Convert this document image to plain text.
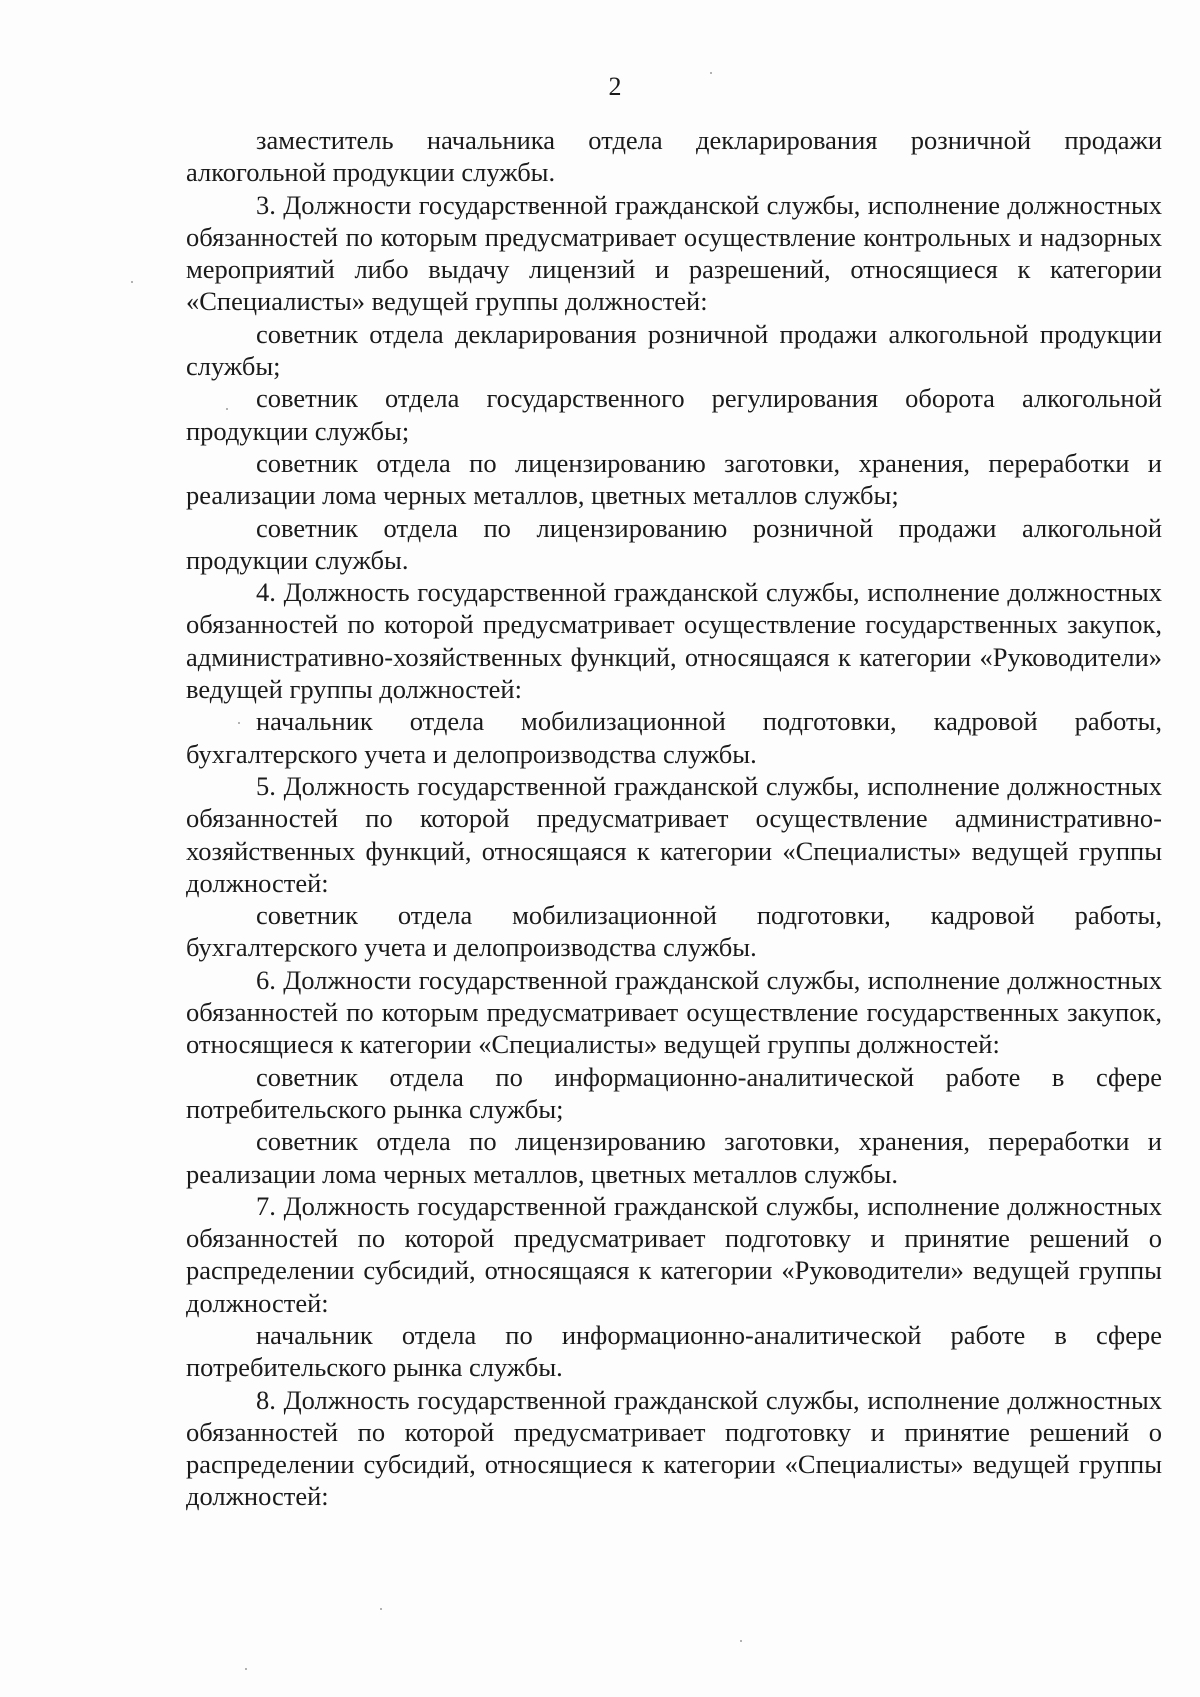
2

заместитель начальника отдела декларирования розничной продажи алкогольной продукции службы.

3. Должности государственной гражданской службы, исполнение должностных обязанностей по которым предусматривает осуществление контрольных и надзорных мероприятий либо выдачу лицензий и разрешений, относящиеся к категории «Специалисты» ведущей группы должностей:

советник отдела декларирования розничной продажи алкогольной продукции службы;

советник отдела государственного регулирования оборота алкогольной продукции службы;

советник отдела по лицензированию заготовки, хранения, переработки и реализации лома черных металлов, цветных металлов службы;

советник отдела по лицензированию розничной продажи алкогольной продукции службы.

4. Должность государственной гражданской службы, исполнение должностных обязанностей по которой предусматривает осуществление государственных закупок, административно-хозяйственных функций, относящаяся к категории «Руководители» ведущей группы должностей:

начальник отдела мобилизационной подготовки, кадровой работы, бухгалтерского учета и делопроизводства службы.

5. Должность государственной гражданской службы, исполнение должностных обязанностей по которой предусматривает осуществление административно-хозяйственных функций, относящаяся к категории «Специалисты» ведущей группы должностей:

советник отдела мобилизационной подготовки, кадровой работы, бухгалтерского учета и делопроизводства службы.

6. Должности государственной гражданской службы, исполнение должностных обязанностей по которым предусматривает осуществление государственных закупок, относящиеся к категории «Специалисты» ведущей группы должностей:

советник отдела по информационно-аналитической работе в сфере потребительского рынка службы;

советник отдела по лицензированию заготовки, хранения, переработки и реализации лома черных металлов, цветных металлов службы.

7. Должность государственной гражданской службы, исполнение должностных обязанностей по которой предусматривает подготовку и принятие решений о распределении субсидий, относящаяся к категории «Руководители» ведущей группы должностей:

начальник отдела по информационно-аналитической работе в сфере потребительского рынка службы.

8. Должность государственной гражданской службы, исполнение должностных обязанностей по которой предусматривает подготовку и принятие решений о распределении субсидий, относящиеся к категории «Специалисты» ведущей группы должностей:
